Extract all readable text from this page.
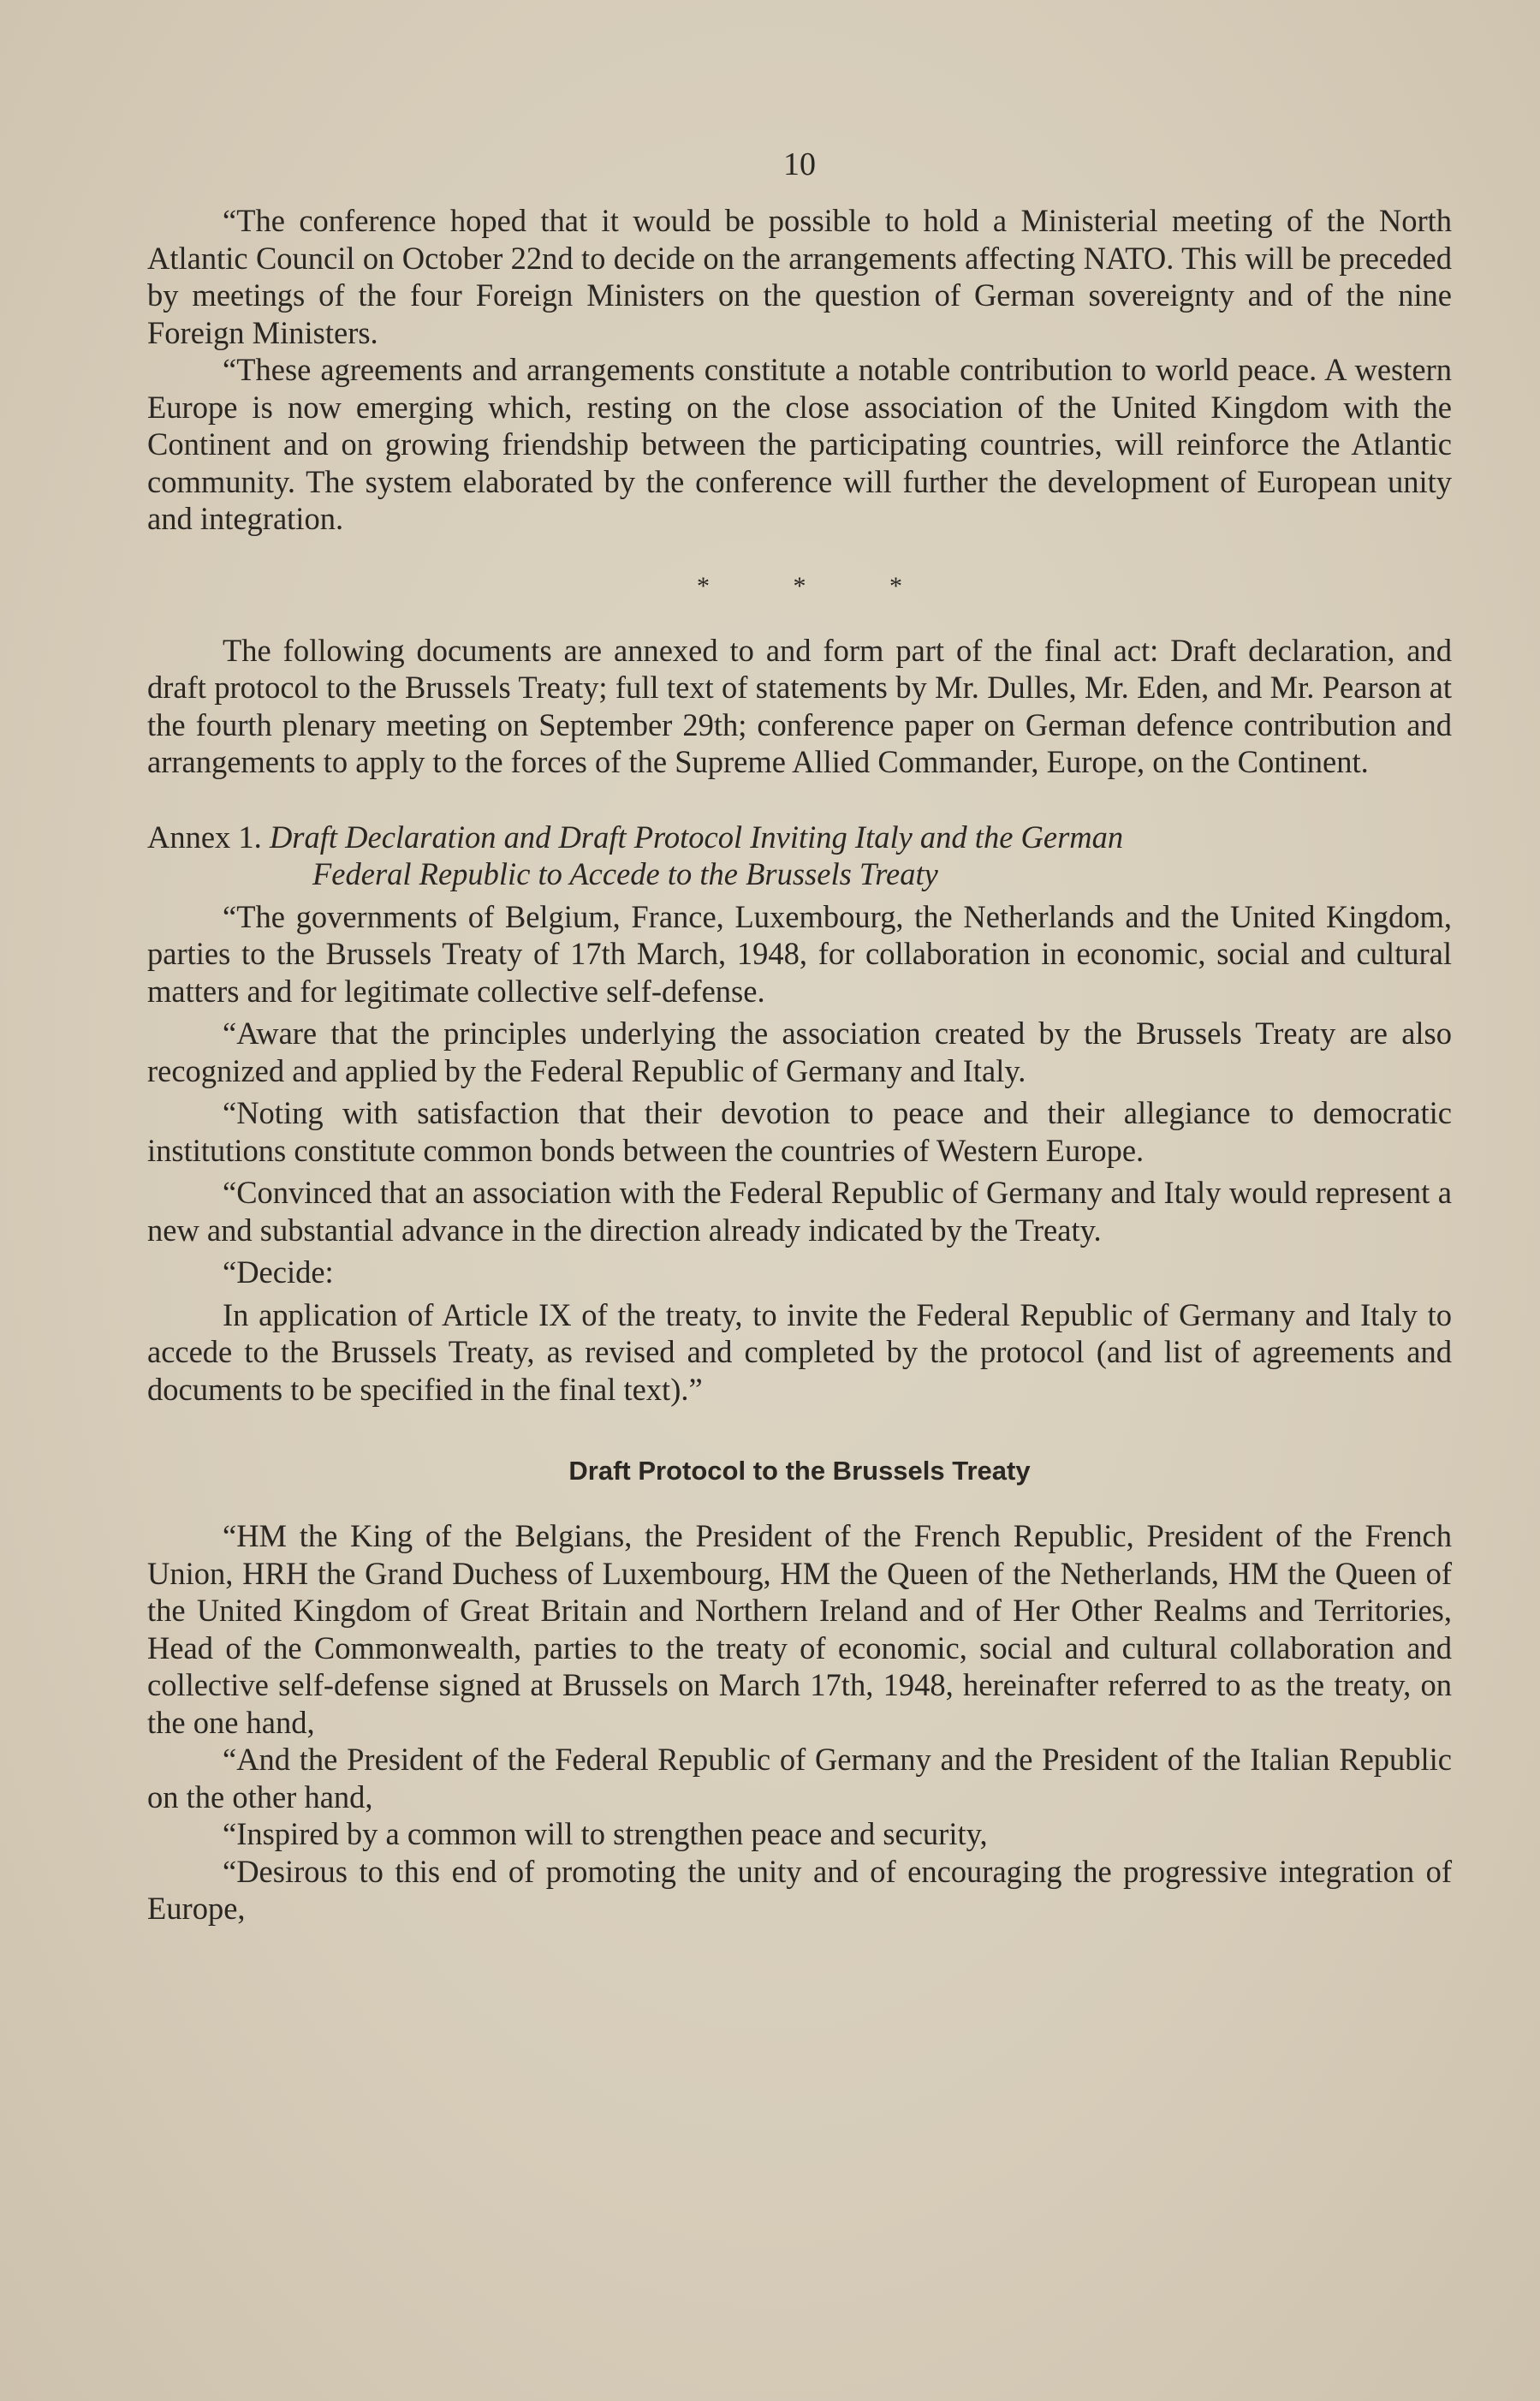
10

“The conference hoped that it would be possible to hold a Ministerial meeting of the North Atlantic Council on October 22nd to decide on the arrangements affecting NATO. This will be preceded by meetings of the four Foreign Ministers on the question of German sovereignty and of the nine Foreign Ministers.

“These agreements and arrangements constitute a notable contribution to world peace. A western Europe is now emerging which, resting on the close association of the United Kingdom with the Continent and on growing friendship between the participating countries, will reinforce the Atlantic community. The system elaborated by the conference will further the development of European unity and integration.

* * *

The following documents are annexed to and form part of the final act: Draft declaration, and draft protocol to the Brussels Treaty; full text of statements by Mr. Dulles, Mr. Eden, and Mr. Pearson at the fourth plenary meeting on September 29th; conference paper on German defence contribution and arrangements to apply to the forces of the Supreme Allied Commander, Europe, on the Continent.

Annex 1. Draft Declaration and Draft Protocol Inviting Italy and the German
Federal Republic to Accede to the Brussels Treaty

“The governments of Belgium, France, Luxembourg, the Netherlands and the United Kingdom, parties to the Brussels Treaty of 17th March, 1948, for collaboration in economic, social and cultural matters and for legitimate collective self-defense.

“Aware that the principles underlying the association created by the Brussels Treaty are also recognized and applied by the Federal Republic of Germany and Italy.

“Noting with satisfaction that their devotion to peace and their allegiance to democratic institutions constitute common bonds between the countries of Western Europe.

“Convinced that an association with the Federal Republic of Germany and Italy would represent a new and substantial advance in the direction already indicated by the Treaty.

“Decide:

In application of Article IX of the treaty, to invite the Federal Republic of Germany and Italy to accede to the Brussels Treaty, as revised and completed by the protocol (and list of agreements and documents to be specified in the final text).”

Draft Protocol to the Brussels Treaty

“HM the King of the Belgians, the President of the French Republic, President of the French Union, HRH the Grand Duchess of Luxembourg, HM the Queen of the Netherlands, HM the Queen of the United Kingdom of Great Britain and Northern Ireland and of Her Other Realms and Territories, Head of the Commonwealth, parties to the treaty of economic, social and cultural collaboration and collective self-defense signed at Brussels on March 17th, 1948, hereinafter referred to as the treaty, on the one hand,

“And the President of the Federal Republic of Germany and the President of the Italian Republic on the other hand,

“Inspired by a common will to strengthen peace and security,

“Desirous to this end of promoting the unity and of encouraging the progressive integration of Europe,
